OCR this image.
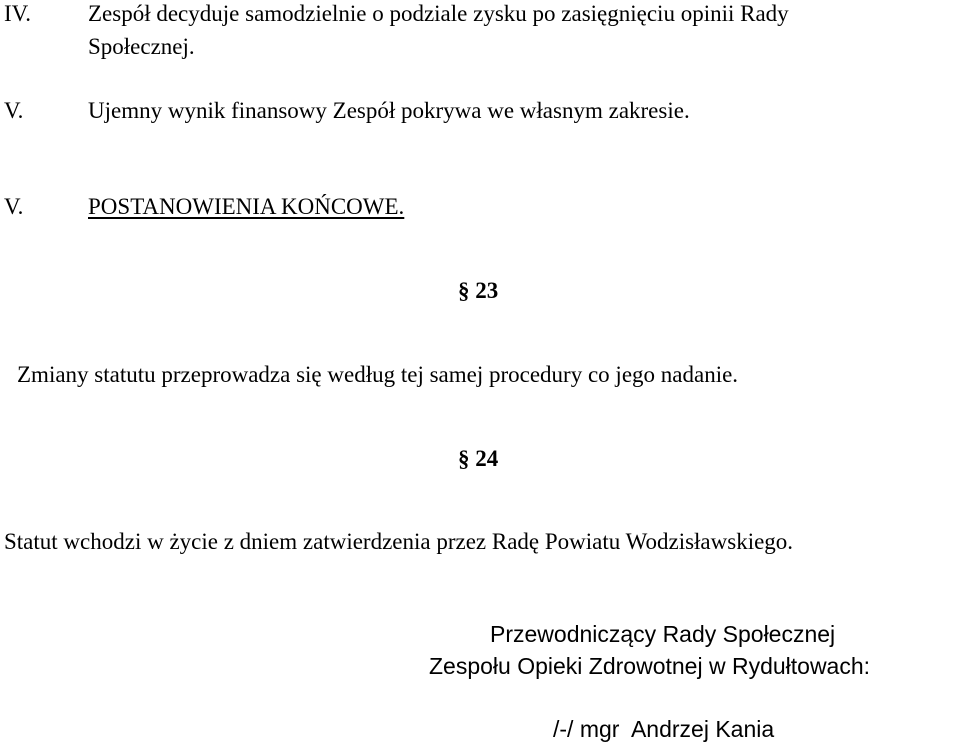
IV. Zespół decyduje samodzielnie o podziale zysku po zasięgnięciu opinii Rady
Społecznej.
V.	Ujemny wynik finansowy Zespół pokrywa we własnym zakresie.
V.	POSTANOWIENIA KOŃCOWE.
§ 23
Zmiany statutu przeprowadza się według tej samej procedury co jego nadanie.
§ 24
Statut wchodzi w życie z dniem zatwierdzenia przez Radę Powiatu Wodzisławskiego.
Przewodniczący Rady Społecznej
Zespołu Opieki Zdrowotnej w Rydułtowach:
/-/ mgr  Andrzej Kania
